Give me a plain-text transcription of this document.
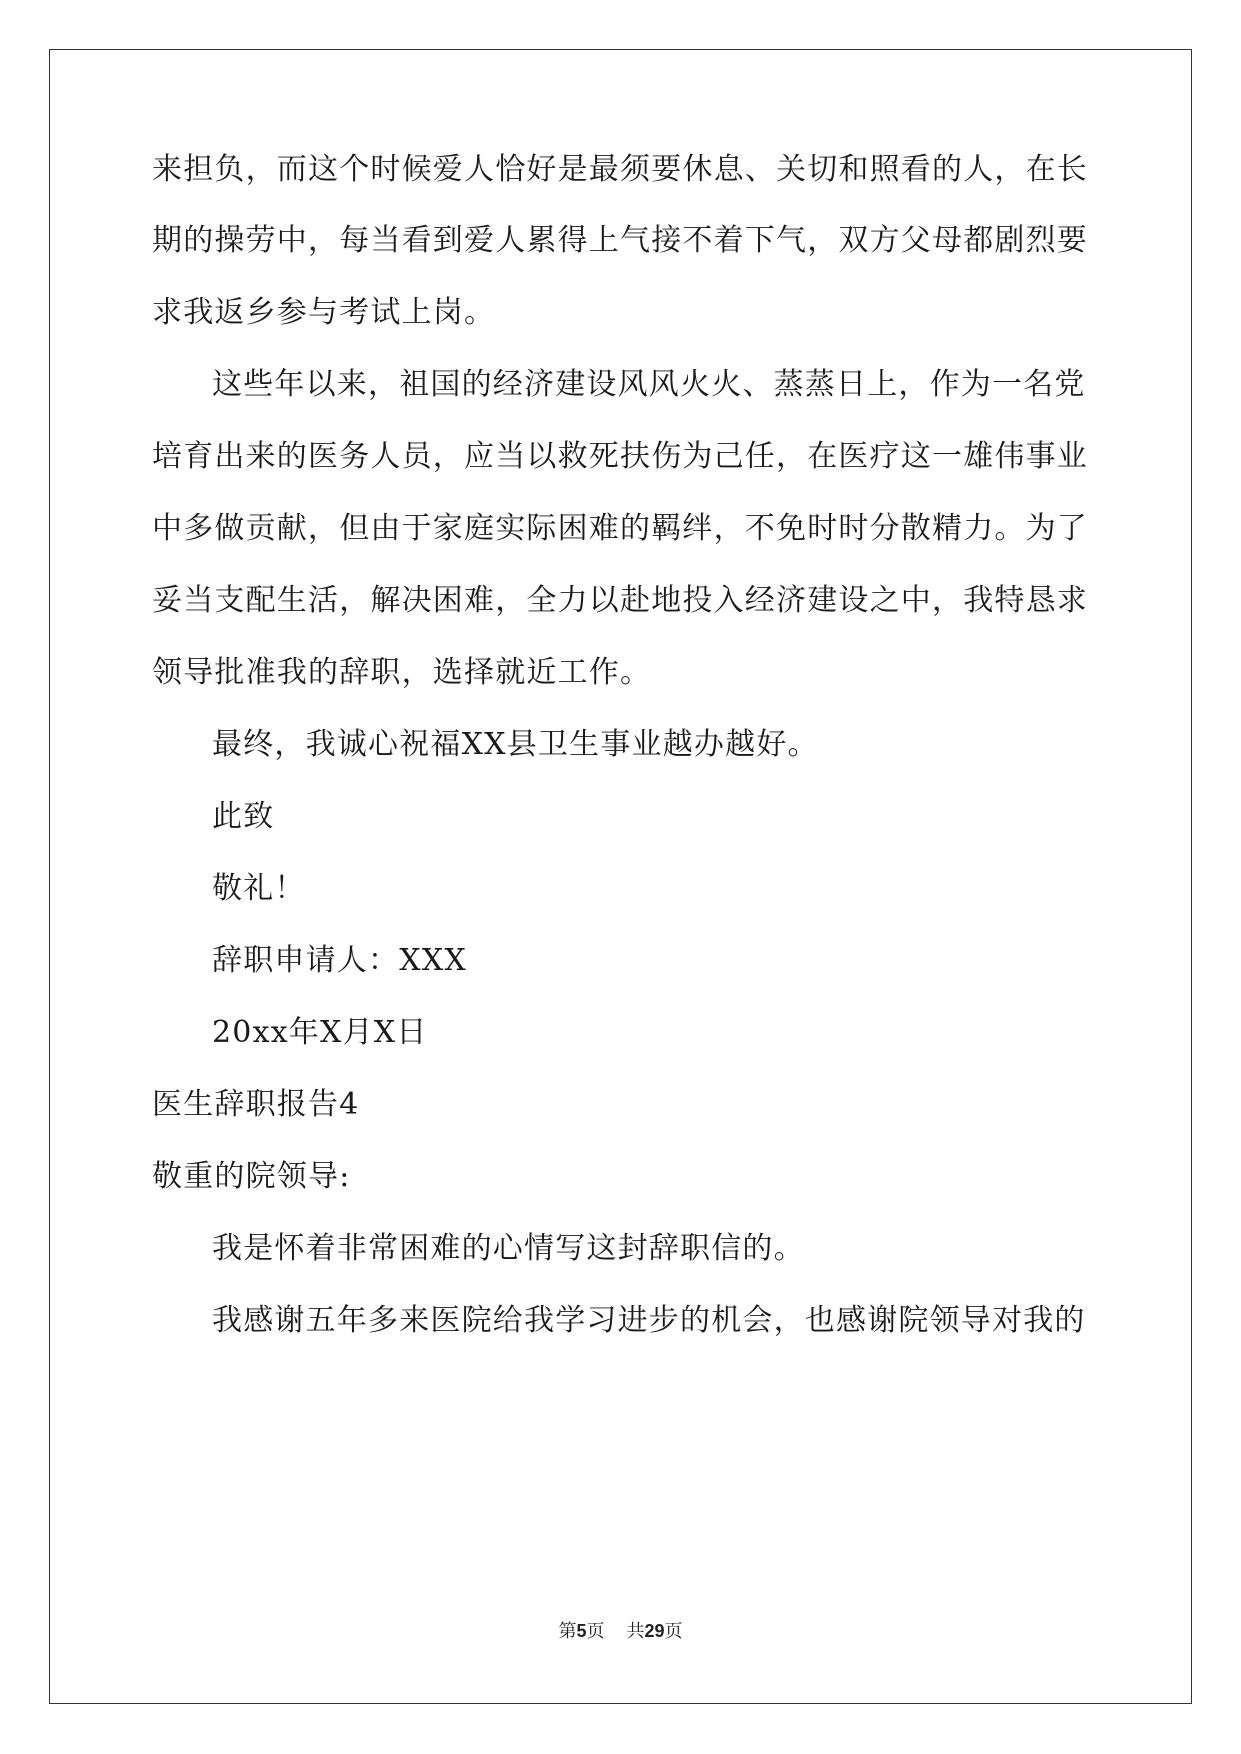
来担负，而这个时候爱人恰好是最须要休息、关切和照看的人，在长
期的操劳中，每当看到爱人累得上气接不着下气，双方父母都剧烈要
求我返乡参与考试上岗。
这些年以来，祖国的经济建设风风火火、蒸蒸日上，作为一名党
培育出来的医务人员，应当以救死扶伤为己任，在医疗这一雄伟事业
中多做贡献，但由于家庭实际困难的羁绊，不免时时分散精力。为了
妥当支配生活，解决困难，全力以赴地投入经济建设之中，我特恳求
领导批准我的辞职，选择就近工作。
最终，我诚心祝福XX县卫生事业越办越好。
此致
敬礼！
辞职申请人：XXX
20xx年X月X日
医生辞职报告4
敬重的院领导:
我是怀着非常困难的心情写这封辞职信的。
我感谢五年多来医院给我学习进步的机会，也感谢院领导对我的
第5页 共29页
